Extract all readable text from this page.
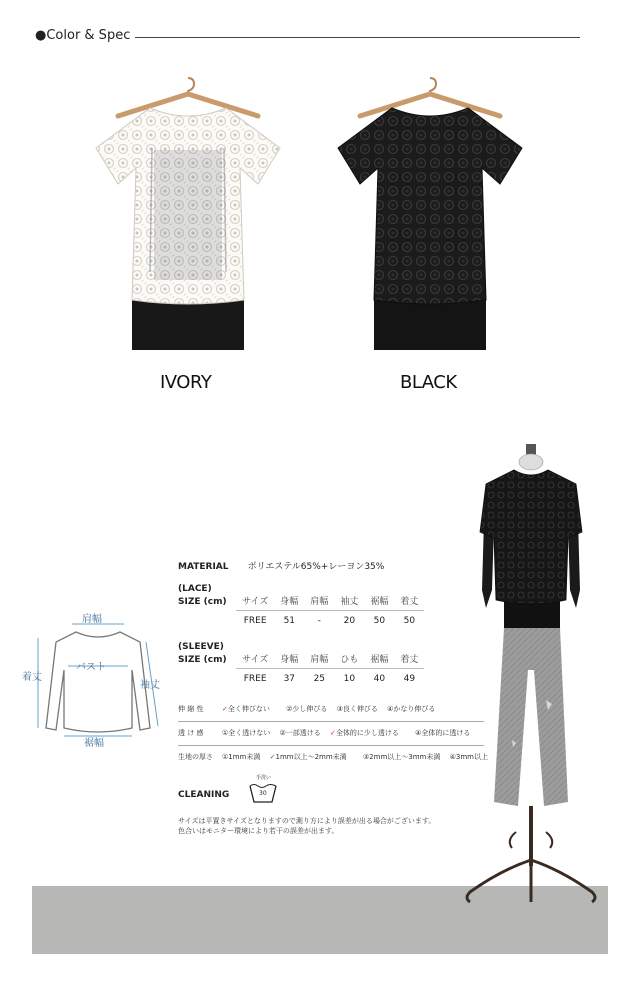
●Color & Spec
IVORY	BLACK
肩幅
バスト
着丈
袖丈
裾幅
MATERIAL ポリエステル65%+レーヨン35%
(LACE)
SIZE (cm)	サイズ	身幅	肩幅	袖丈	裾幅	着丈
FREE	51	-	20	50	50
(SLEEVE)
SIZE (cm)	サイズ	身幅	肩幅	ひも	裾幅	着丈
FREE	37	25	10	40	49
伸 縮 性	✓全く伸びない ②少し伸びる ③良く伸びる ④かなり伸びる
透 け 感	①全く透けない ②一部透ける ✓全体的に少し透ける ④全体的に透ける
生地の厚さ	①1mm未満 ✓1mm以上～2mm未満 ③2mm以上～3mm未満 ④3mm以上
CLEANING
手洗い
30
サイズは平置きサイズとなりますので測り方により誤差が出る場合がございます。
色合いはモニター環境により若干の誤差が出ます。
